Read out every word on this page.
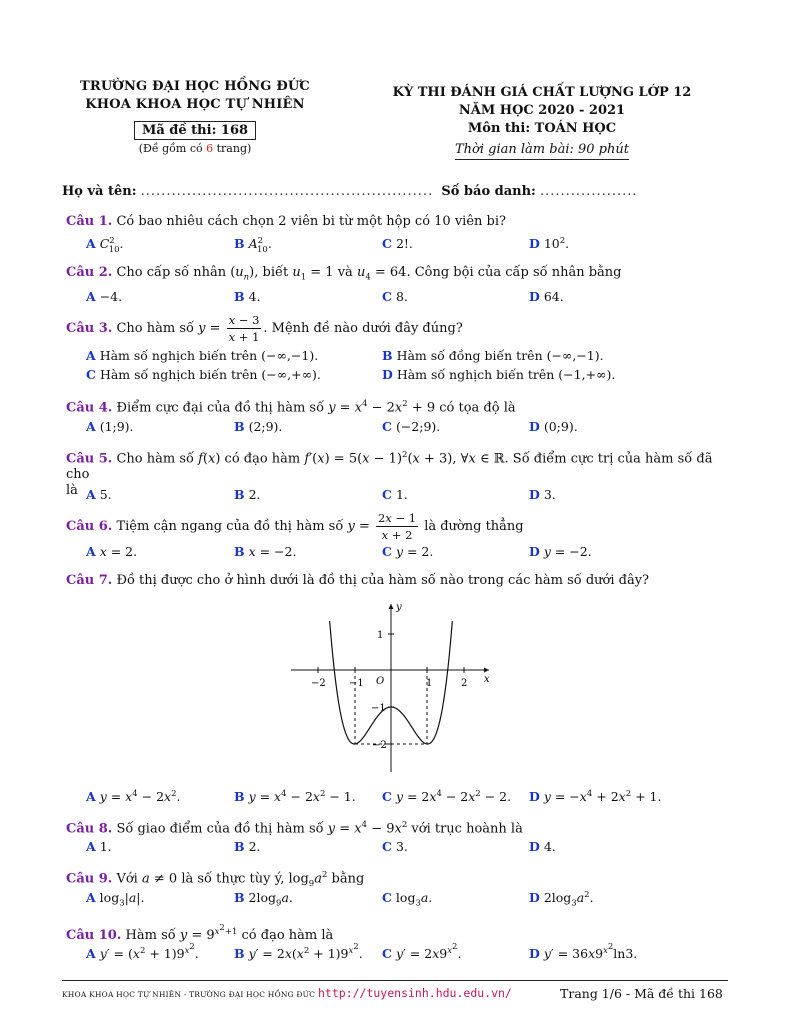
TRƯỜNG ĐẠI HỌC HỒNG ĐỨC
KHOA KHOA HỌC TỰ NHIÊN
Mã đề thi: 168
(Đề gồm có 6 trang)
KỲ THI ĐÁNH GIÁ CHẤT LƯỢNG LỚP 12
NĂM HỌC 2020 - 2021
Môn thi: TOÁN HỌC
Thời gian làm bài: 90 phút
Họ và tên: ......................................................... Số báo danh: ...................
Câu 1. Có bao nhiêu cách chọn 2 viên bi từ một hộp có 10 viên bi?
A $C^2_{10}$.	B $A^2_{10}$.	C 2!.	D $10^2$.
Câu 2. Cho cấp số nhân $(u_n)$, biết $u_1 = 1$ và $u_4 = 64$. Công bội của cấp số nhân bằng
A −4.	B 4.	C 8.	D 64.
Câu 3. Cho hàm số $y = \frac{x - 3}{x + 1}$ . Mệnh đề nào dưới đây đúng?
A Hàm số nghịch biến trên (−∞,−1).	B Hàm số đồng biến trên (−∞,−1).
C Hàm số nghịch biến trên (−∞,+∞).	D Hàm số nghịch biến trên (−1,+∞).
Câu 4. Điểm cực đại của đồ thị hàm số $y = x^4 - 2x^2 + 9$ có tọa độ là
A (1;9).	B (2;9).	C (−2;9).	D (0;9).
Câu 5. Cho hàm số f(x) có đạo hàm $f'(x) = 5(x - 1)^2(x + 3)$, ∀x ∈ ℝ. Số điểm cực trị của hàm số đã cho
là A 5.	B 2.	C 1.	D 3.
Câu 6. Tiệm cận ngang của đồ thị hàm số $y = \frac{2x - 1}{x + 2}$ là đường thẳng
A x = 2.	B x = −2.	C y = 2.	D y = −2.
Câu 7. Đồ thị được cho ở hình dưới là đồ thị của hàm số nào trong các hàm số dưới đây?
x
y
O
−2 −1	1	2
1
−1
−2
A $y = x^4 - 2x^2$.	B $y = x^4 - 2x^2 - 1$. C $y = 2x^4 - 2x^2 - 2$. D $y = -x^4 + 2x^2 + 1$.
Câu 8. Số giao điểm của đồ thị hàm số $y = x^4 - 9x^2$ với trục hoành là
A 1.	B 2.	C 3.	D 4.
Câu 9. Với a ≠ 0 là số thực tùy ý, $\log_9a^2$ bằng
A $\log_3|a|$.	B $2\log_9a$.	C $\log_3a$.	D $2\log_3a^2$.
Câu 10. Hàm số $y = 9^{x^2+1}$ có đạo hàm là
A $y' = (x^2 + 1)9^{x^2}$.	B $y' = 2x(x^2 + 1)9^{x^2}$. C $y' = 2x9^{x^2}$.	D $y' = 36x9^{x^2}\ln 3$.
KHOA KHOA HỌC TỰ NHIÊN - TRƯỜNG ĐẠI HỌC HỒNG ĐỨC http://tuyensinh.hdu.edu.vn/	Trang 1/6 - Mã đề thi 168
